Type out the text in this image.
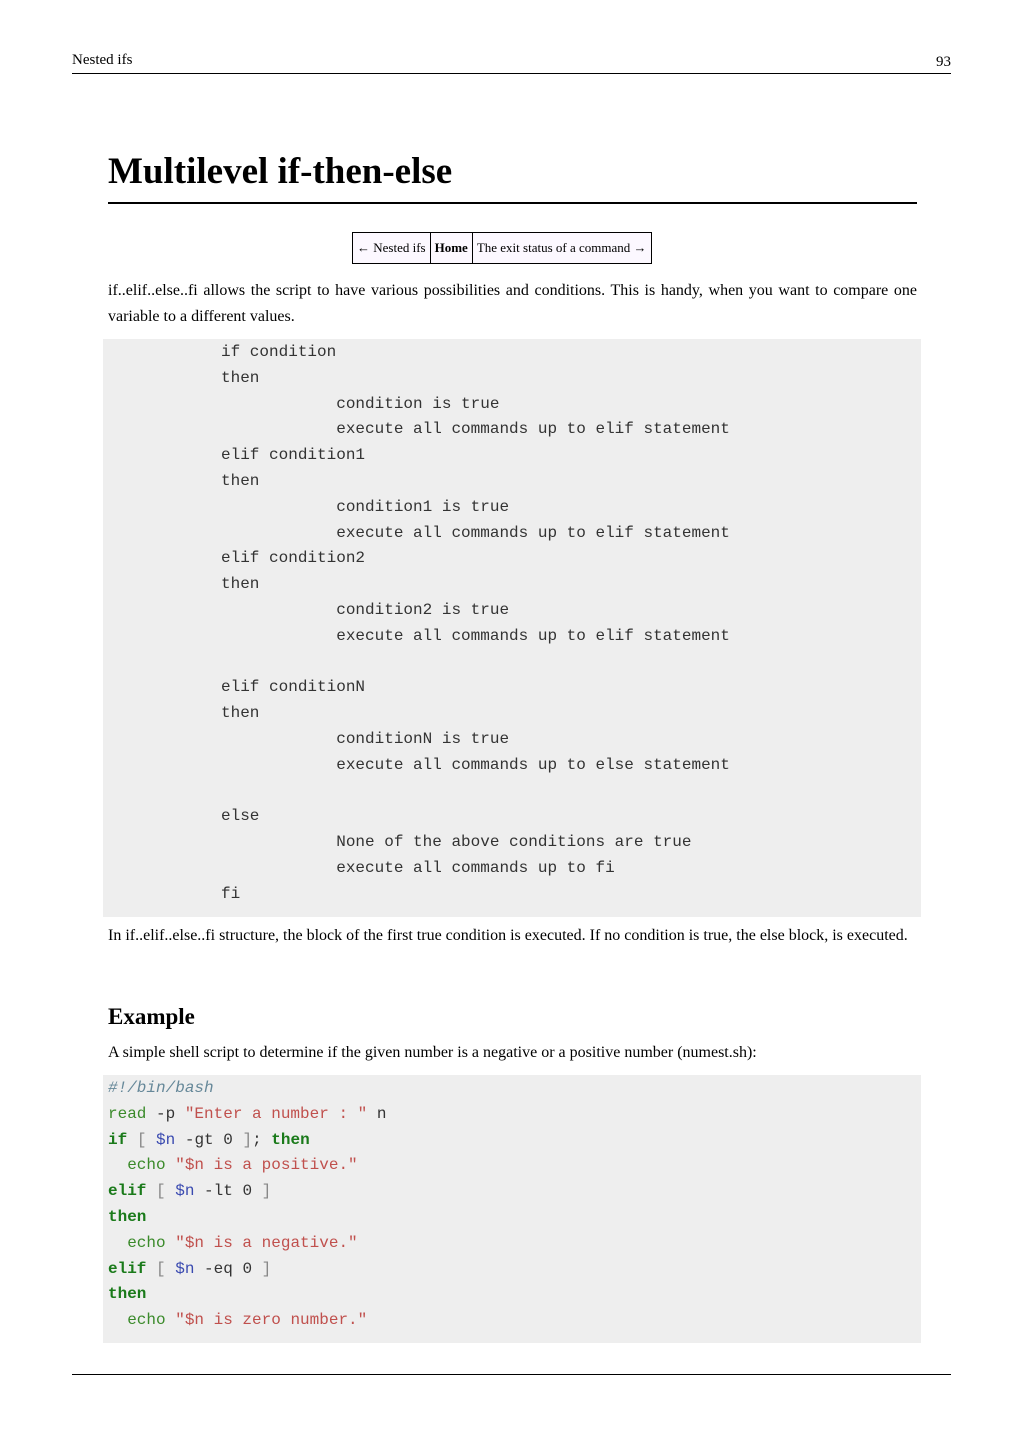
Nested ifs	93
Multilevel if-then-else
← Nested ifs	Home	The exit status of a command →

if..elif..else..fi allows the script to have various possibilities and conditions. This is handy, when you want to compare one variable to a different values.

if condition
then
condition is true
execute all commands up to elif statement
elif condition1
then
condition1 is true
execute all commands up to elif statement
elif condition2
then
condition2 is true
execute all commands up to elif statement
elif conditionN
then
conditionN is true
execute all commands up to else statement
else
None of the above conditions are true
execute all commands up to fi
fi

In if..elif..else..fi structure, the block of the first true condition is executed. If no condition is true, the else block, is executed.

Example

A simple shell script to determine if the given number is a negative or a positive number (numest.sh):

#!/bin/bash
read -p "Enter a number : " n
if [ $n -gt 0 ]; then
echo "$n is a positive."
elif [ $n -lt 0 ]
then
echo "$n is a negative."
elif [ $n -eq 0 ]
then
echo "$n is zero number."
